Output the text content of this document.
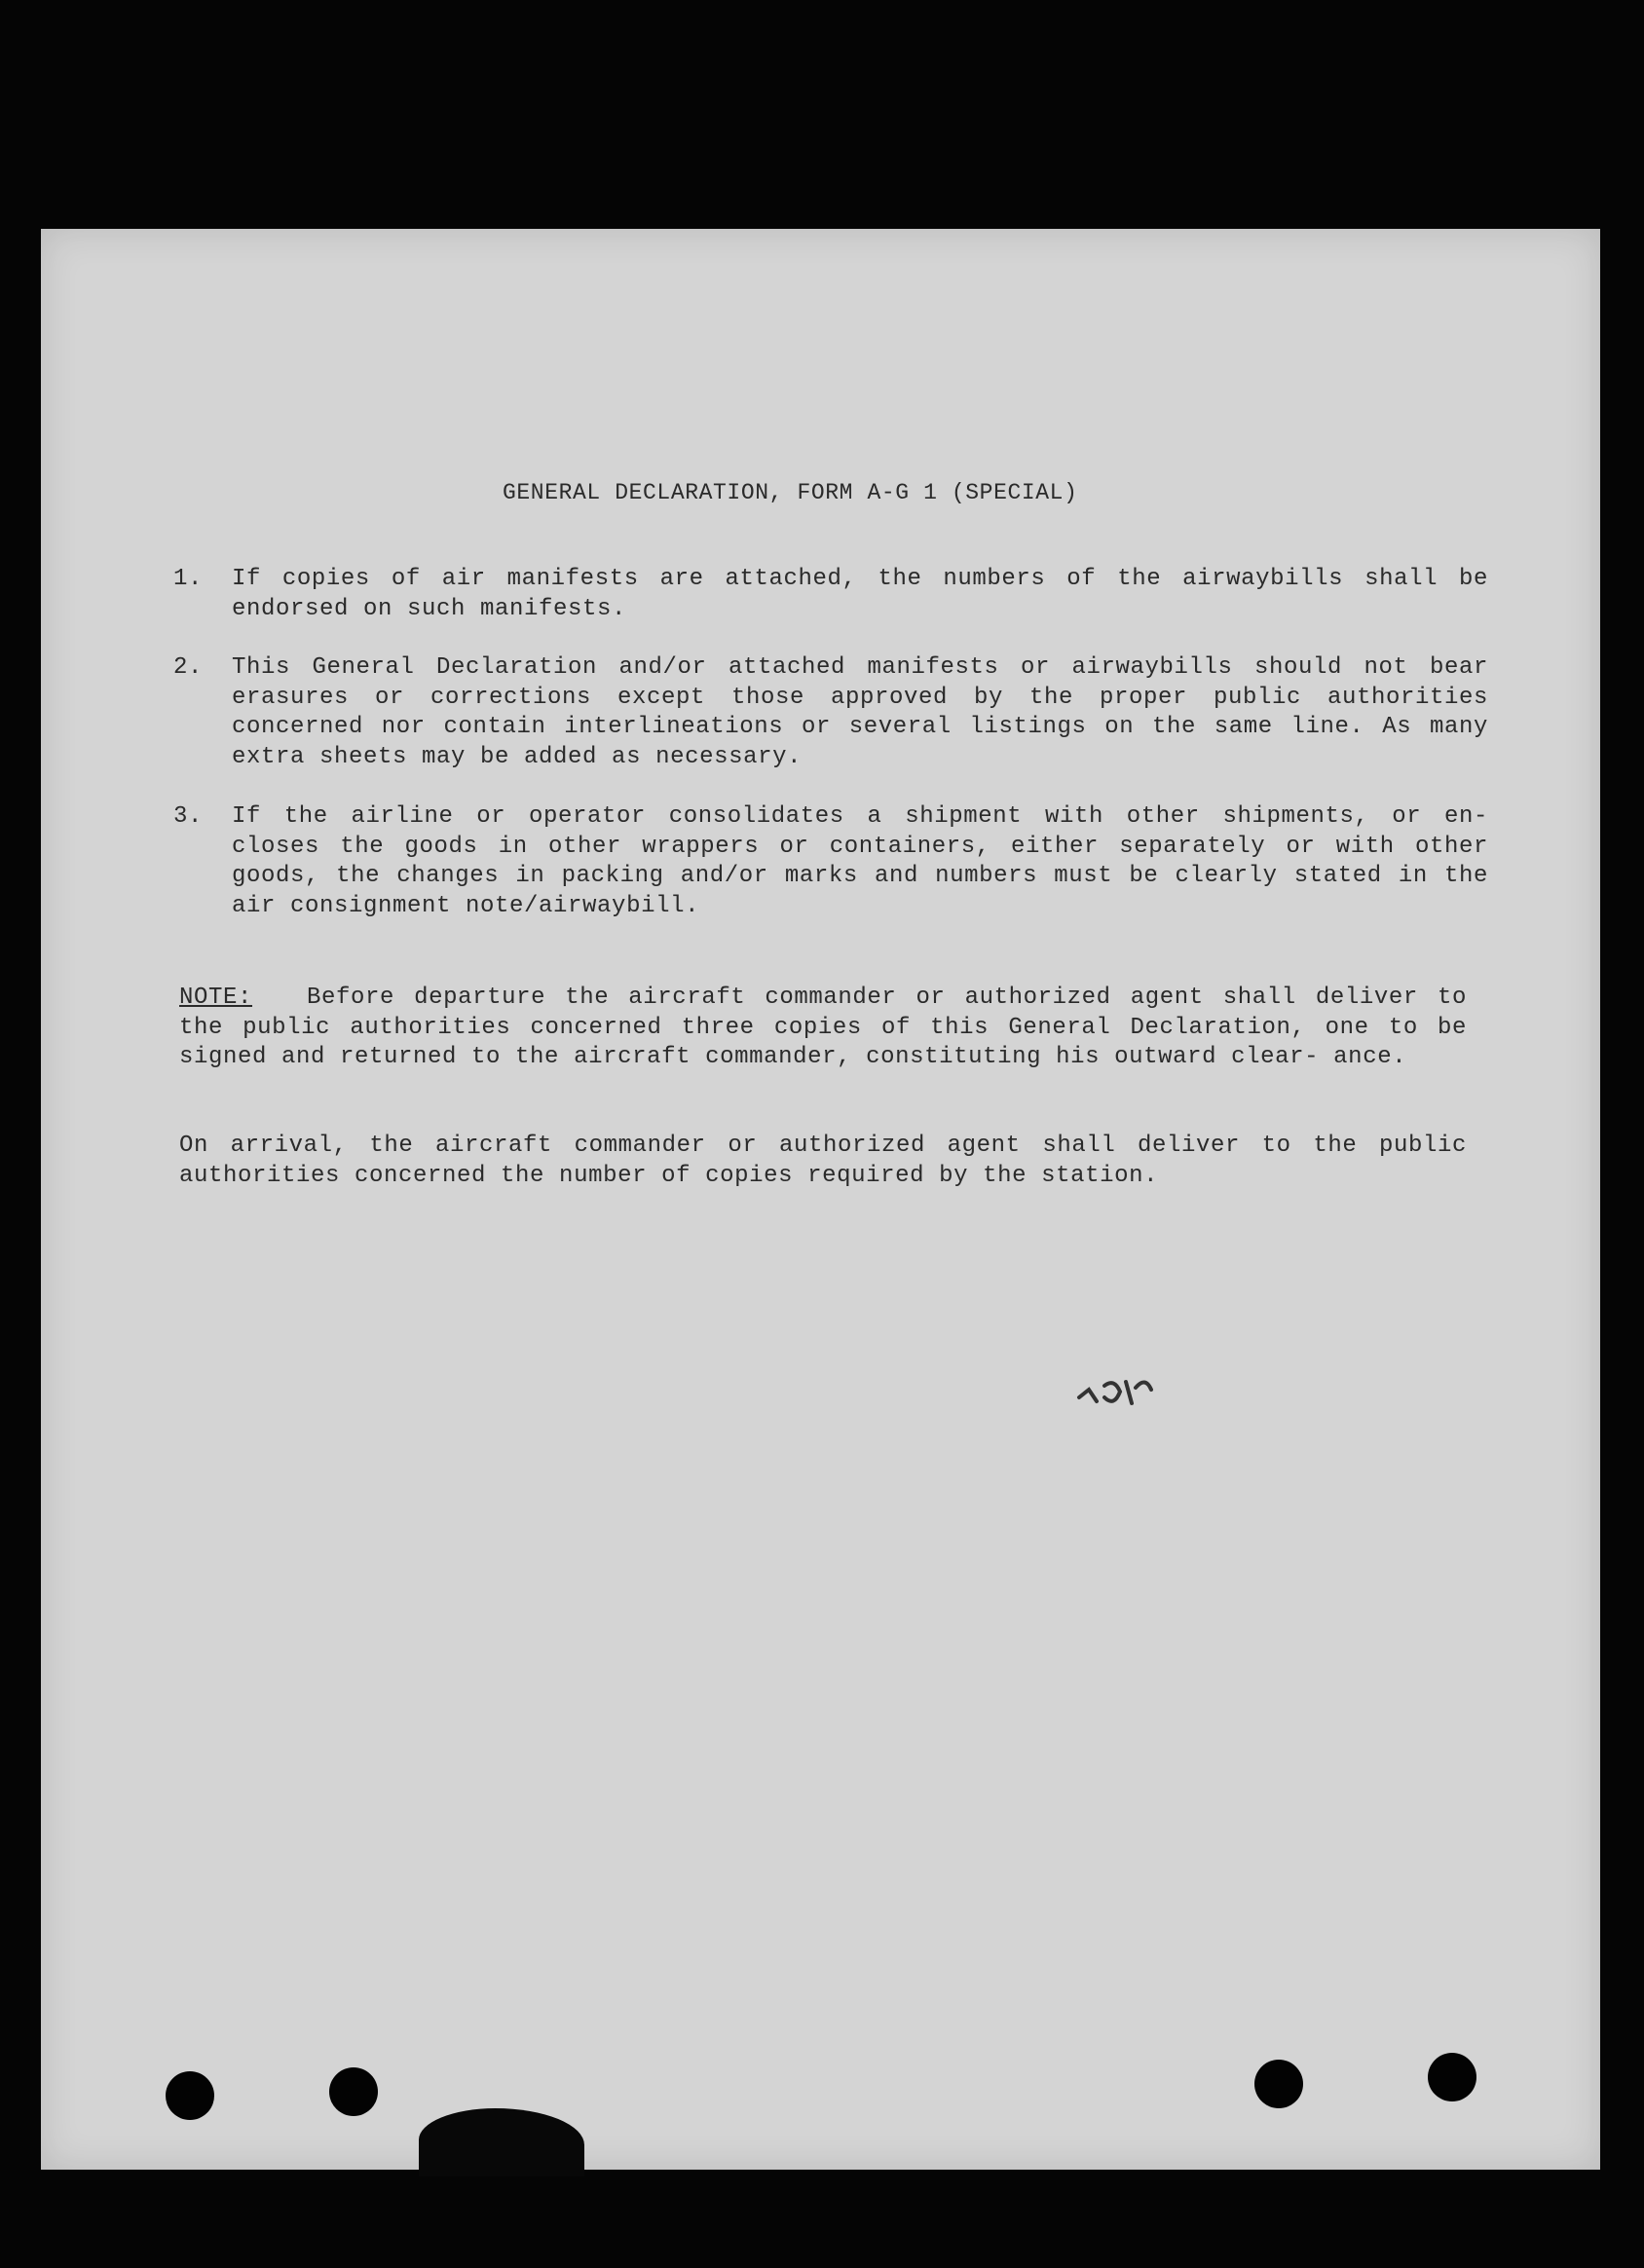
GENERAL DECLARATION, FORM A-G 1 (SPECIAL)
1. If copies of air manifests are attached, the numbers of the airwaybills shall be endorsed on such manifests.
2. This General Declaration and/or attached manifests or airwaybills should not bear erasures or corrections except those approved by the proper public authorities concerned nor contain interlineations or several listings on the same line. As many extra sheets may be added as necessary.
3. If the airline or operator consolidates a shipment with other shipments, or en- closes the goods in other wrappers or containers, either separately or with other goods, the changes in packing and/or marks and numbers must be clearly stated in the air consignment note/airwaybill.
NOTE: Before departure the aircraft commander or authorized agent shall deliver to the public authorities concerned three copies of this General Declaration, one to be signed and returned to the aircraft commander, constituting his outward clear- ance.
On arrival, the aircraft commander or authorized agent shall deliver to the public authorities concerned the number of copies required by the station.
